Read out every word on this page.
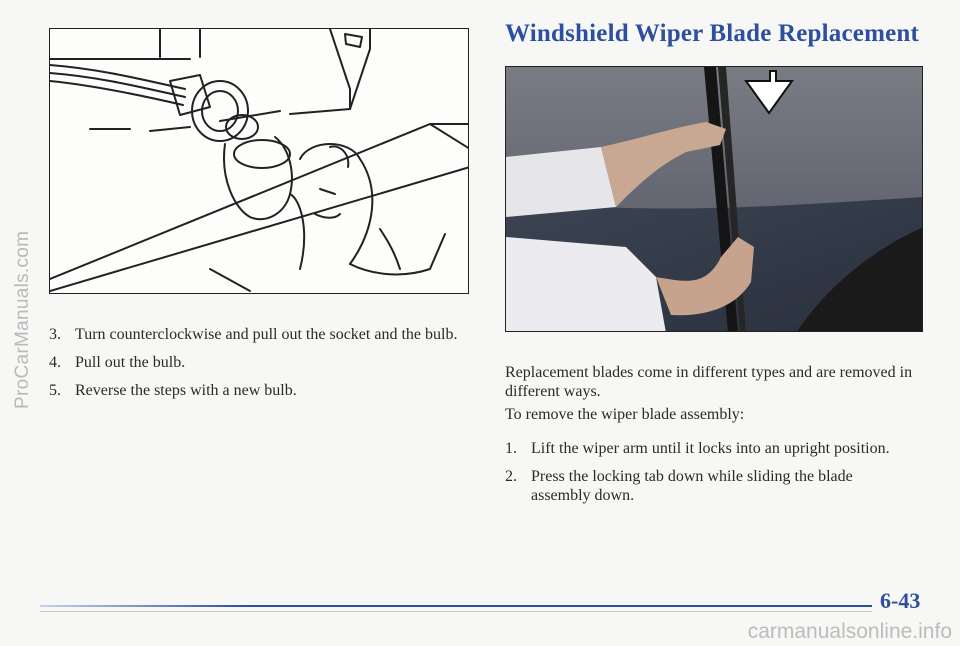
ProCarManuals.com 3. Turn counterclockwise and pull out the socket and the bulb.
4. Pull out the bulb.
5. Reverse the steps with a new bulb.
Windshield Wiper Blade Replacement

Replacement blades come in different types and are removed in different ways.

To remove the wiper blade assembly:

1. Lift the wiper arm until it locks into an upright position.
2. Press the locking tab down while sliding the blade assembly down.
6-43
carmanualsonline.info
